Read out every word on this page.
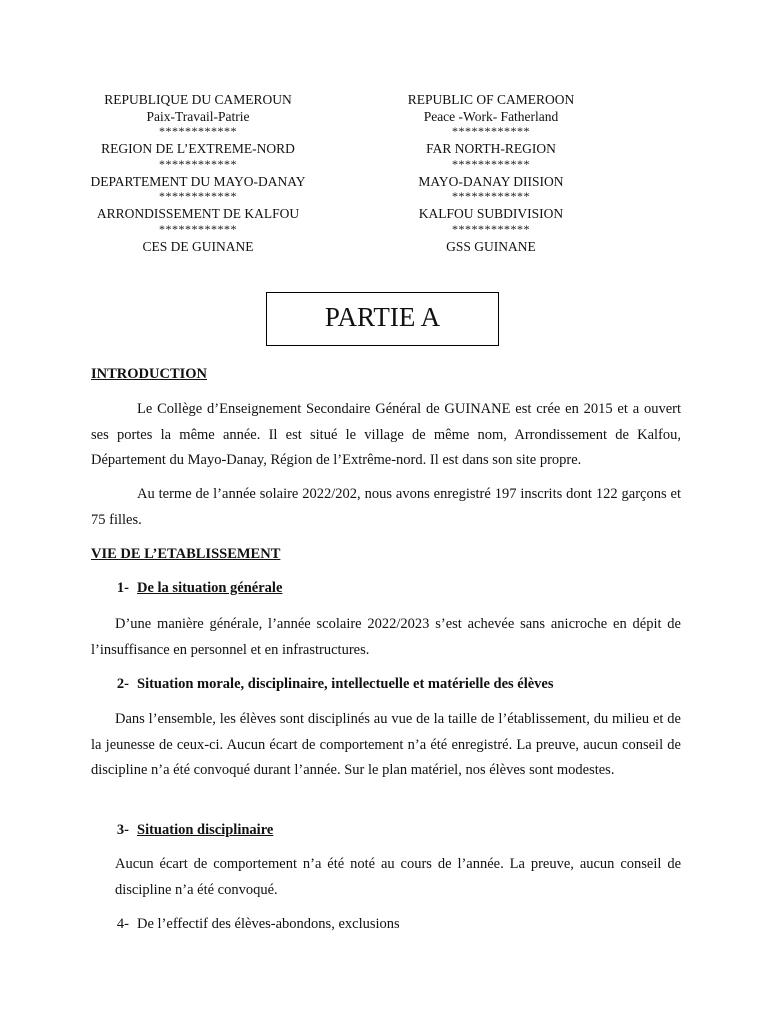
REPUBLIQUE DU CAMEROUN
Paix-Travail-Patrie
************
REGION DE L’EXTREME-NORD
************
DEPARTEMENT DU MAYO-DANAY
************
ARRONDISSEMENT DE KALFOU
************
CES DE GUINANE
REPUBLIC OF CAMEROON
Peace -Work- Fatherland
************
FAR NORTH-REGION
************
MAYO-DANAY DIISION
************
KALFOU SUBDIVISION
************
GSS GUINANE
PARTIE A
INTRODUCTION
Le Collège d’Enseignement Secondaire Général de GUINANE est crée en 2015 et a ouvert ses portes la même année. Il est situé le village de même nom, Arrondissement de Kalfou, Département du Mayo-Danay, Région de l’Extrême-nord. Il est dans son site propre.
Au terme de l’année solaire 2022/202, nous avons enregistré 197 inscrits dont 122 garçons et 75 filles.
VIE DE L’ETABLISSEMENT
1- De la situation générale
D’une manière générale, l’année scolaire 2022/2023 s’est achevée sans anicroche en dépit de l’insuffisance en personnel et en infrastructures.
2- Situation morale, disciplinaire, intellectuelle et matérielle des élèves
Dans l’ensemble, les élèves sont disciplinés au vue de la taille de l’établissement, du milieu et de la jeunesse de ceux-ci. Aucun écart de comportement n’a été enregistré. La preuve, aucun conseil de discipline n’a été convoqué durant l’année. Sur le plan matériel, nos élèves sont modestes.
3- Situation disciplinaire
Aucun écart de comportement n’a été noté au cours de l’année. La preuve, aucun conseil de discipline n’a été convoqué.
4- De l’effectif des élèves-abondons, exclusions
